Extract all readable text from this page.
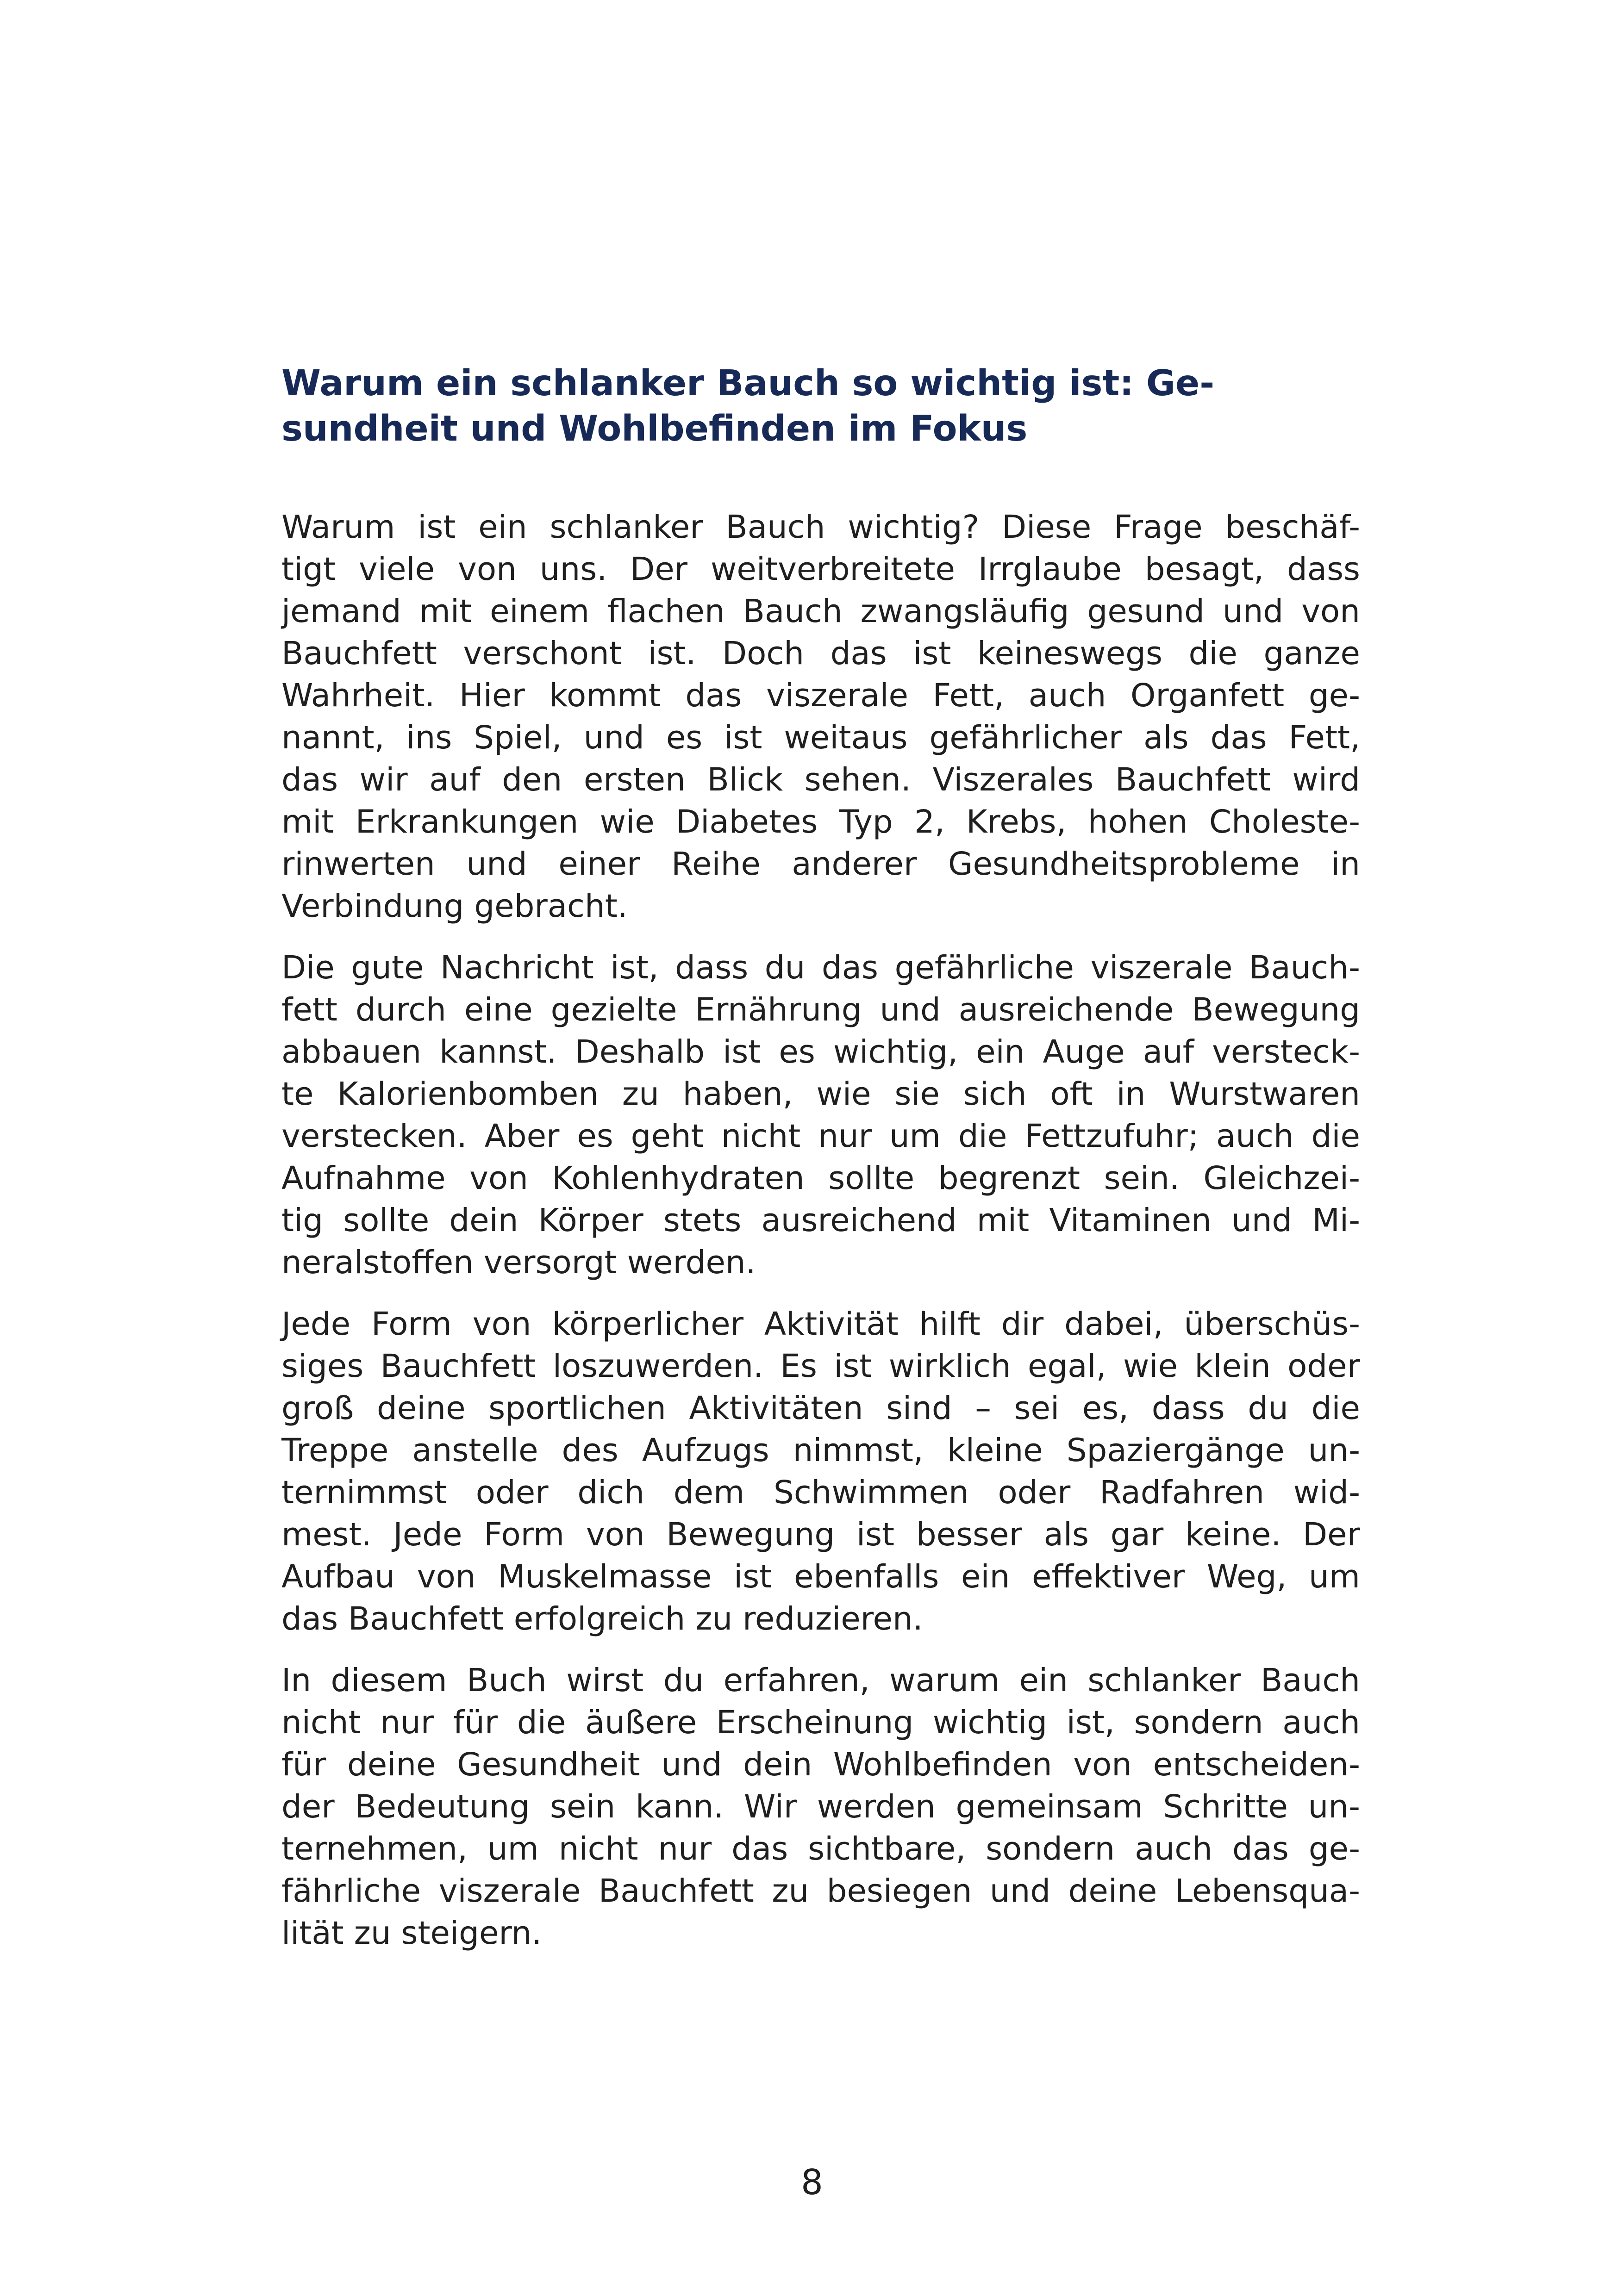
Warum ein schlanker Bauch so wichtig ist: Ge-
sundheit und Wohlbefinden im Fokus
Warum ist ein schlanker Bauch wichtig? Diese Frage beschäf-
tigt viele von uns. Der weitverbreitete Irrglaube besagt, dass
jemand mit einem flachen Bauch zwangsläufig gesund und von
Bauchfett verschont ist. Doch das ist keineswegs die ganze
Wahrheit. Hier kommt das viszerale Fett, auch Organfett ge-
nannt, ins Spiel, und es ist weitaus gefährlicher als das Fett,
das wir auf den ersten Blick sehen. Viszerales Bauchfett wird
mit Erkrankungen wie Diabetes Typ 2, Krebs, hohen Choleste-
rinwerten und einer Reihe anderer Gesundheitsprobleme in
Verbindung gebracht.
Die gute Nachricht ist, dass du das gefährliche viszerale Bauch-
fett durch eine gezielte Ernährung und ausreichende Bewegung
abbauen kannst. Deshalb ist es wichtig, ein Auge auf versteck-
te Kalorienbomben zu haben, wie sie sich oft in Wurstwaren
verstecken. Aber es geht nicht nur um die Fettzufuhr; auch die
Aufnahme von Kohlenhydraten sollte begrenzt sein. Gleichzei-
tig sollte dein Körper stets ausreichend mit Vitaminen und Mi-
neralstoffen versorgt werden.
Jede Form von körperlicher Aktivität hilft dir dabei, überschüs-
siges Bauchfett loszuwerden. Es ist wirklich egal, wie klein oder
groß deine sportlichen Aktivitäten sind – sei es, dass du die
Treppe anstelle des Aufzugs nimmst, kleine Spaziergänge un-
ternimmst oder dich dem Schwimmen oder Radfahren wid-
mest. Jede Form von Bewegung ist besser als gar keine. Der
Aufbau von Muskelmasse ist ebenfalls ein effektiver Weg, um
das Bauchfett erfolgreich zu reduzieren.
In diesem Buch wirst du erfahren, warum ein schlanker Bauch
nicht nur für die äußere Erscheinung wichtig ist, sondern auch
für deine Gesundheit und dein Wohlbefinden von entscheiden-
der Bedeutung sein kann. Wir werden gemeinsam Schritte un-
ternehmen, um nicht nur das sichtbare, sondern auch das ge-
fährliche viszerale Bauchfett zu besiegen und deine Lebensqua-
lität zu steigern.
8
